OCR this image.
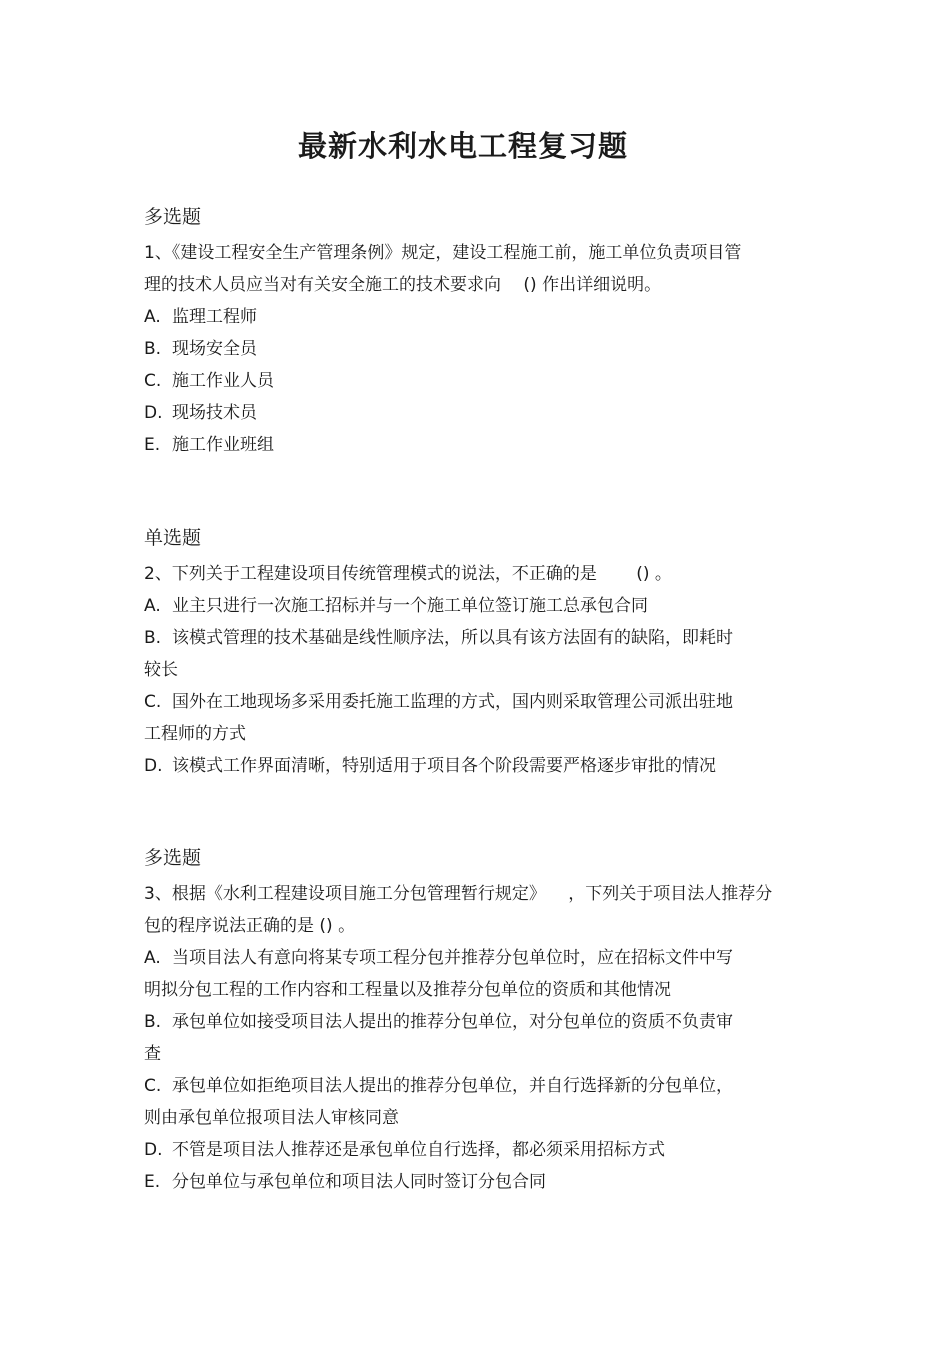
最新水利水电工程复习题
多选题

1、《建设工程安全生产管理条例》规定，建设工程施工前，施工单位负责项目管

理的技术人员应当对有关安全施工的技术要求向 　() 作出详细说明。

A. 监理工程师

B. 现场安全员

C. 施工作业人员

D. 现场技术员

E. 施工作业班组

单选题

2、下列关于工程建设项目传统管理模式的说法，不正确的是 　　() 。

A. 业主只进行一次施工招标并与一个施工单位签订施工总承包合同

B. 该模式管理的技术基础是线性顺序法，所以具有该方法固有的缺陷，即耗时

较长

C. 国外在工地现场多采用委托施工监理的方式，国内则采取管理公司派出驻地

工程师的方式

D. 该模式工作界面清晰，特别适用于项目各个阶段需要严格逐步审批的情况

多选题

3、根据《水利工程建设项目施工分包管理暂行规定》 　，下列关于项目法人推荐分

包的程序说法正确的是 () 。

A. 当项目法人有意向将某专项工程分包并推荐分包单位时，应在招标文件中写

明拟分包工程的工作内容和工程量以及推荐分包单位的资质和其他情况

B. 承包单位如接受项目法人提出的推荐分包单位，对分包单位的资质不负责审

查

C. 承包单位如拒绝项目法人提出的推荐分包单位，并自行选择新的分包单位，

则由承包单位报项目法人审核同意

D. 不管是项目法人推荐还是承包单位自行选择，都必须采用招标方式

E. 分包单位与承包单位和项目法人同时签订分包合同
